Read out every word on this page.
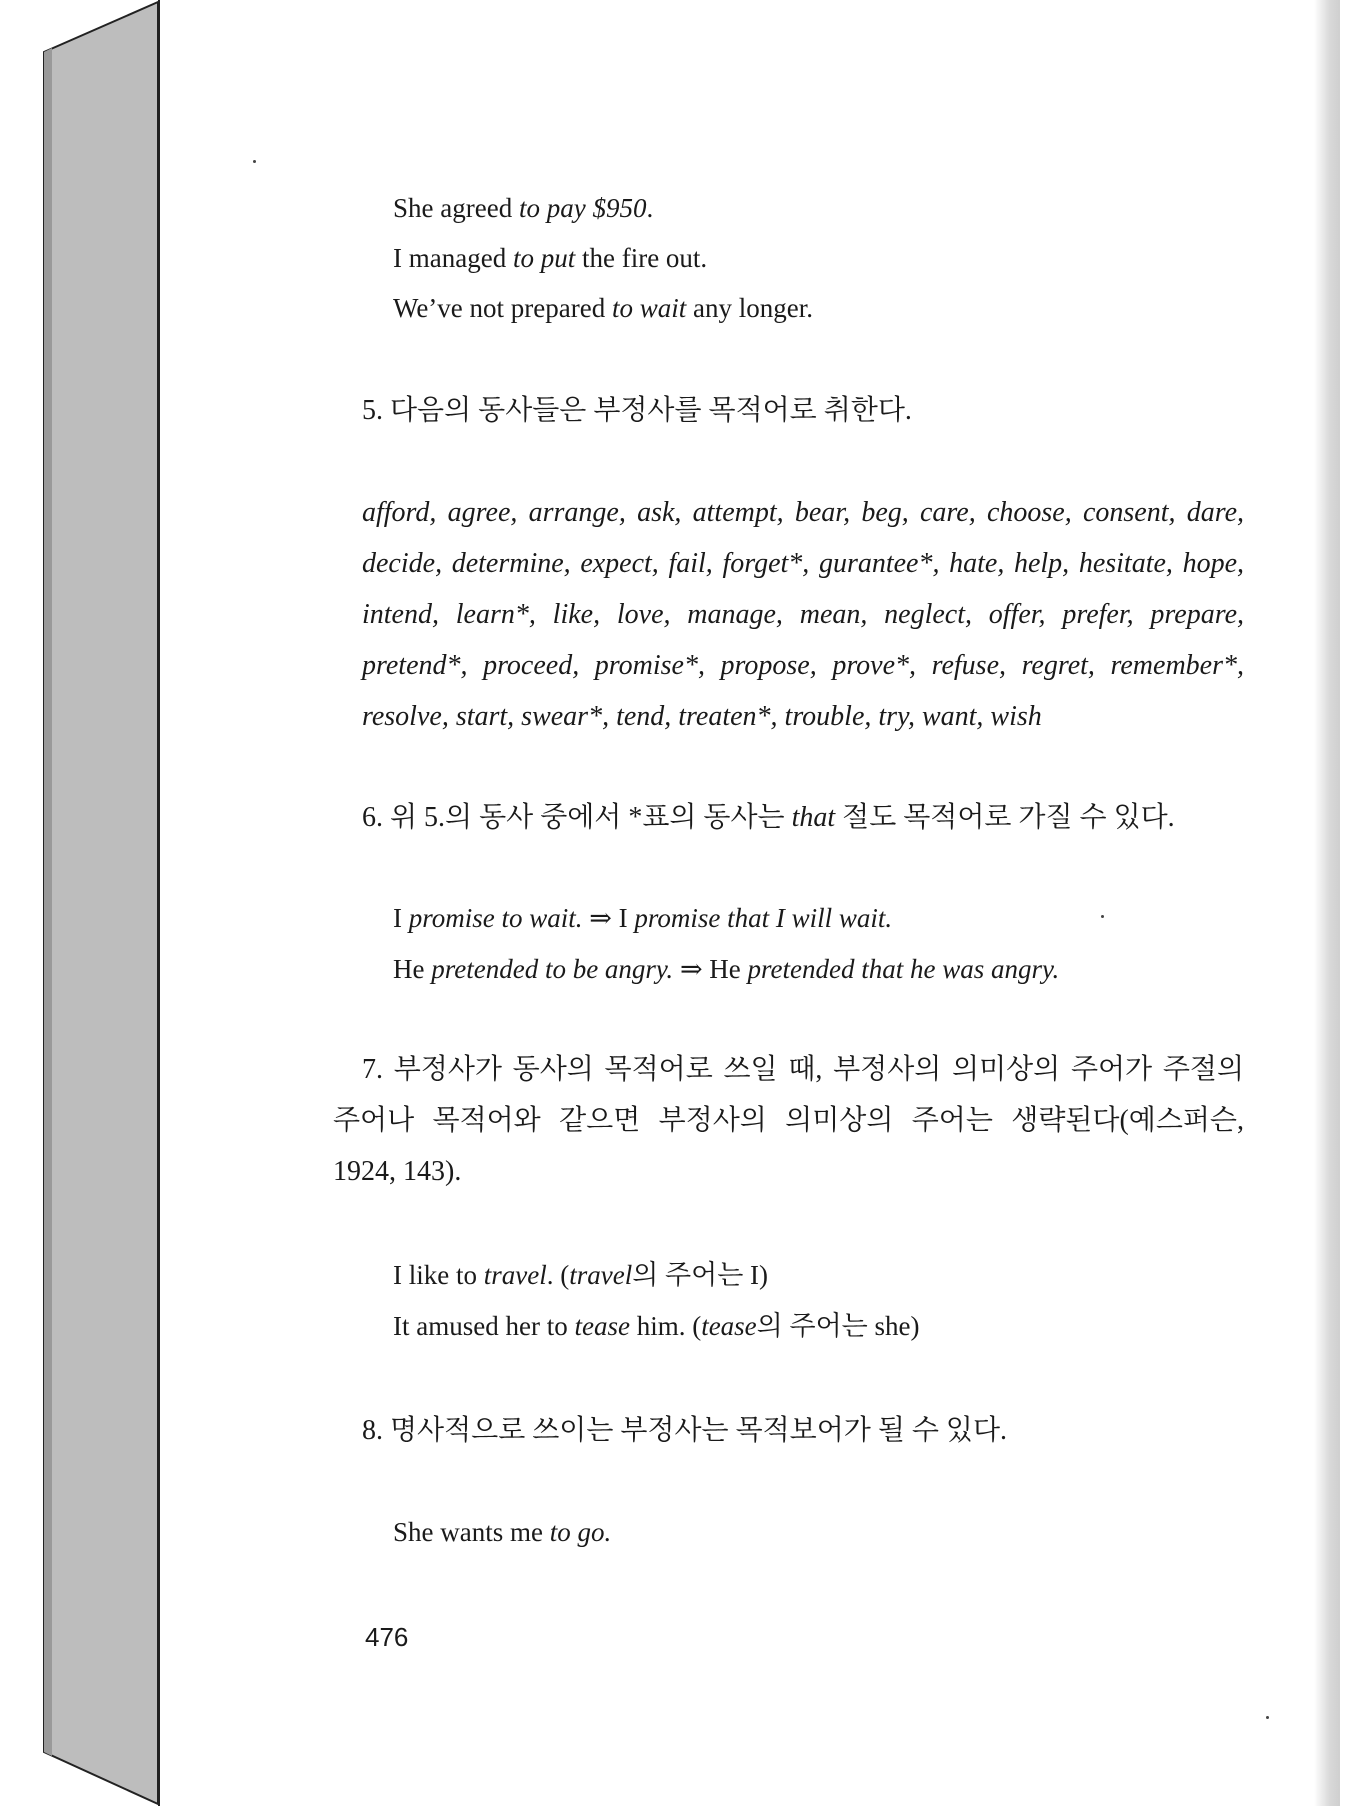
She agreed to pay $950.
I managed to put the fire out.
We’ve not prepared to wait any longer.
5. 다음의 동사들은 부정사를 목적어로 취한다.
afford, agree, arrange, ask, attempt, bear, beg, care, choose, consent, dare, decide, determine, expect, fail, forget*, gurantee*, hate, help, hesitate, hope, intend, learn*, like, love, manage, mean, neglect, offer, prefer, prepare, pretend*, proceed, promise*, propose, prove*, refuse, regret, remember*, resolve, start, swear*, tend, treaten*, trouble, try, want, wish
6. 위 5.의 동사 중에서 *표의 동사는 that 절도 목적어로 가질 수 있다.
I promise to wait. ⇒ I promise that I will wait.
He pretended to be angry. ⇒ He pretended that he was angry.
7. 부정사가 동사의 목적어로 쓰일 때, 부정사의 의미상의 주어가 주절의 주어나 목적어와 같으면 부정사의 의미상의 주어는 생략된다(예스퍼슨, 1924, 143).
I like to travel. (travel의 주어는 I)
It amused her to tease him. (tease의 주어는 she)
8. 명사적으로 쓰이는 부정사는 목적보어가 될 수 있다.
She wants me to go.
476
